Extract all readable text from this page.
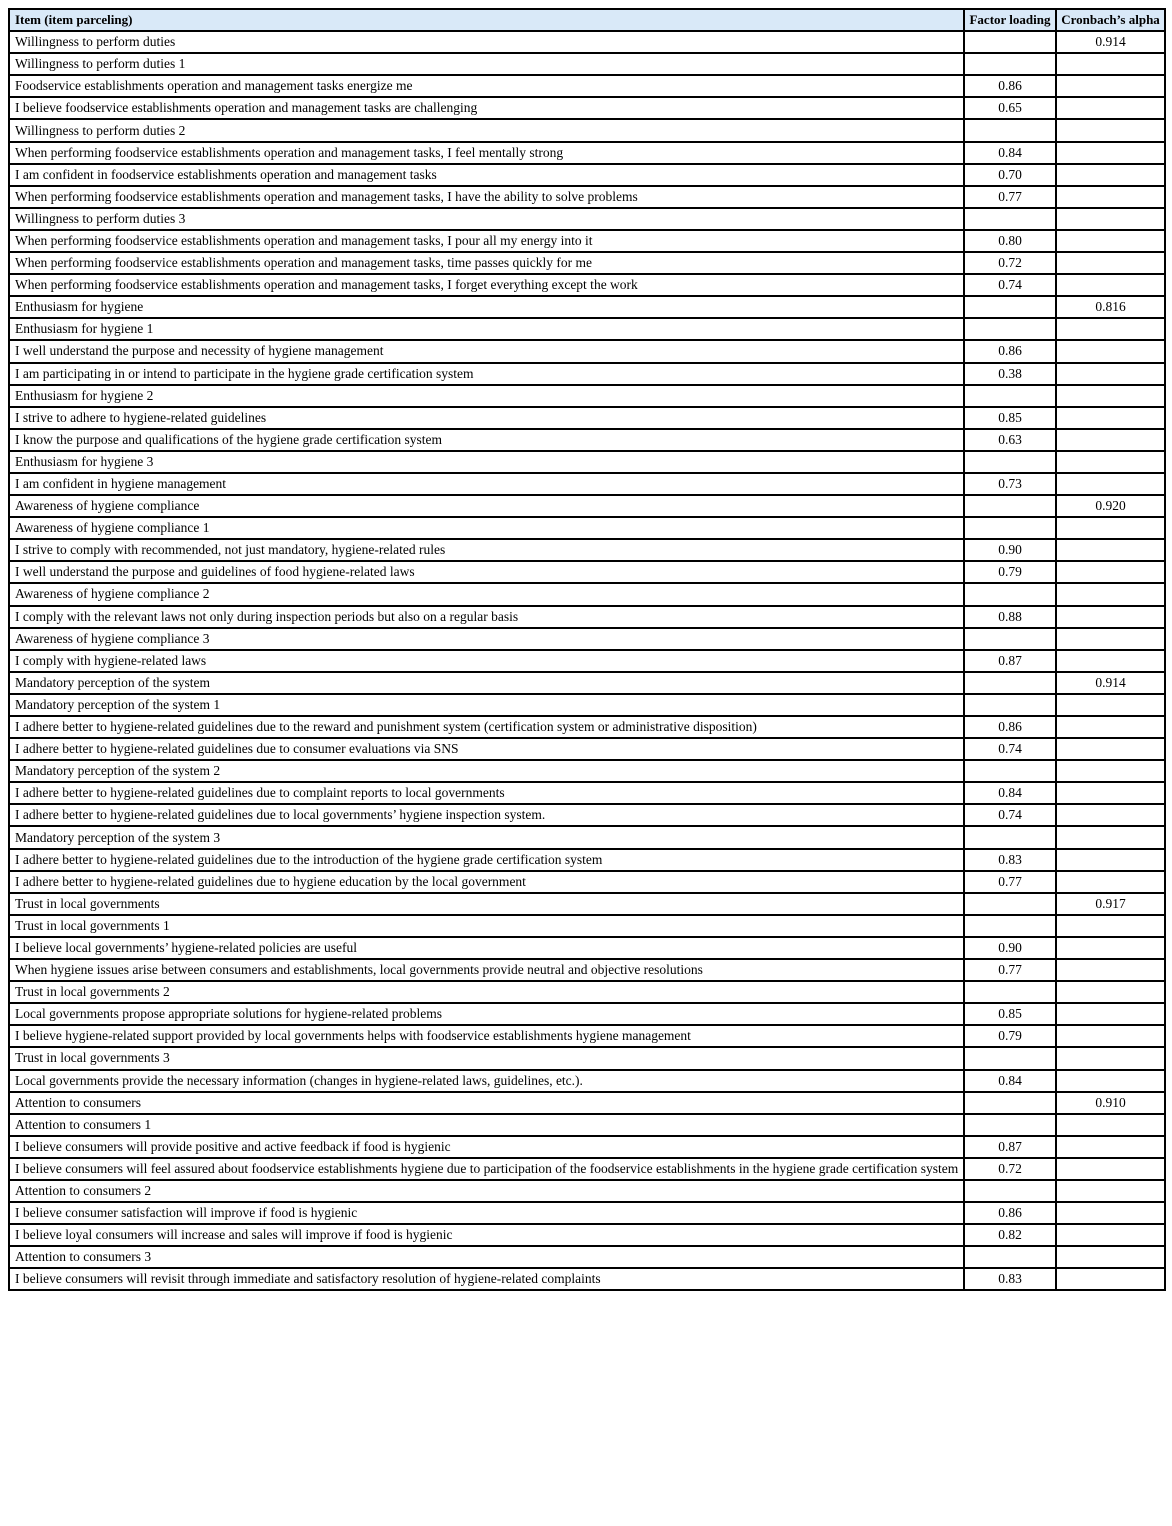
Item (item parceling)	Factor loading	Cronbach’s alpha
Willingness to perform duties		0.914
Willingness to perform duties 1		
Foodservice establishments operation and management tasks energize me	0.86	
I believe foodservice establishments operation and management tasks are challenging	0.65	
Willingness to perform duties 2		
When performing foodservice establishments operation and management tasks, I feel mentally strong	0.84	
I am confident in foodservice establishments operation and management tasks	0.70	
When performing foodservice establishments operation and management tasks, I have the ability to solve problems	0.77	
Willingness to perform duties 3		
When performing foodservice establishments operation and management tasks, I pour all my energy into it	0.80	
When performing foodservice establishments operation and management tasks, time passes quickly for me	0.72	
When performing foodservice establishments operation and management tasks, I forget everything except the work	0.74	
Enthusiasm for hygiene		0.816
Enthusiasm for hygiene 1		
I well understand the purpose and necessity of hygiene management	0.86	
I am participating in or intend to participate in the hygiene grade certification system	0.38	
Enthusiasm for hygiene 2		
I strive to adhere to hygiene-related guidelines	0.85	
I know the purpose and qualifications of the hygiene grade certification system	0.63	
Enthusiasm for hygiene 3		
I am confident in hygiene management	0.73	
Awareness of hygiene compliance		0.920
Awareness of hygiene compliance 1		
I strive to comply with recommended, not just mandatory, hygiene-related rules	0.90	
I well understand the purpose and guidelines of food hygiene-related laws	0.79	
Awareness of hygiene compliance 2		
I comply with the relevant laws not only during inspection periods but also on a regular basis	0.88	
Awareness of hygiene compliance 3		
I comply with hygiene-related laws	0.87	
Mandatory perception of the system		0.914
Mandatory perception of the system 1		
I adhere better to hygiene-related guidelines due to the reward and punishment system (certification system or administrative disposition)	0.86	
I adhere better to hygiene-related guidelines due to consumer evaluations via SNS	0.74	
Mandatory perception of the system 2		
I adhere better to hygiene-related guidelines due to complaint reports to local governments	0.84	
I adhere better to hygiene-related guidelines due to local governments’ hygiene inspection system.	0.74	
Mandatory perception of the system 3		
I adhere better to hygiene-related guidelines due to the introduction of the hygiene grade certification system	0.83	
I adhere better to hygiene-related guidelines due to hygiene education by the local government	0.77	
Trust in local governments		0.917
Trust in local governments 1		
I believe local governments’ hygiene-related policies are useful	0.90	
When hygiene issues arise between consumers and establishments, local governments provide neutral and objective resolutions	0.77	
Trust in local governments 2		
Local governments propose appropriate solutions for hygiene-related problems	0.85	
I believe hygiene-related support provided by local governments helps with foodservice establishments hygiene management	0.79	
Trust in local governments 3		
Local governments provide the necessary information (changes in hygiene-related laws, guidelines, etc.).	0.84	
Attention to consumers		0.910
Attention to consumers 1		
I believe consumers will provide positive and active feedback if food is hygienic	0.87	
I believe consumers will feel assured about foodservice establishments hygiene due to participation of the foodservice establishments in the hygiene grade certification system	0.72	
Attention to consumers 2		
I believe consumer satisfaction will improve if food is hygienic	0.86	
I believe loyal consumers will increase and sales will improve if food is hygienic	0.82	
Attention to consumers 3		
I believe consumers will revisit through immediate and satisfactory resolution of hygiene-related complaints	0.83	
